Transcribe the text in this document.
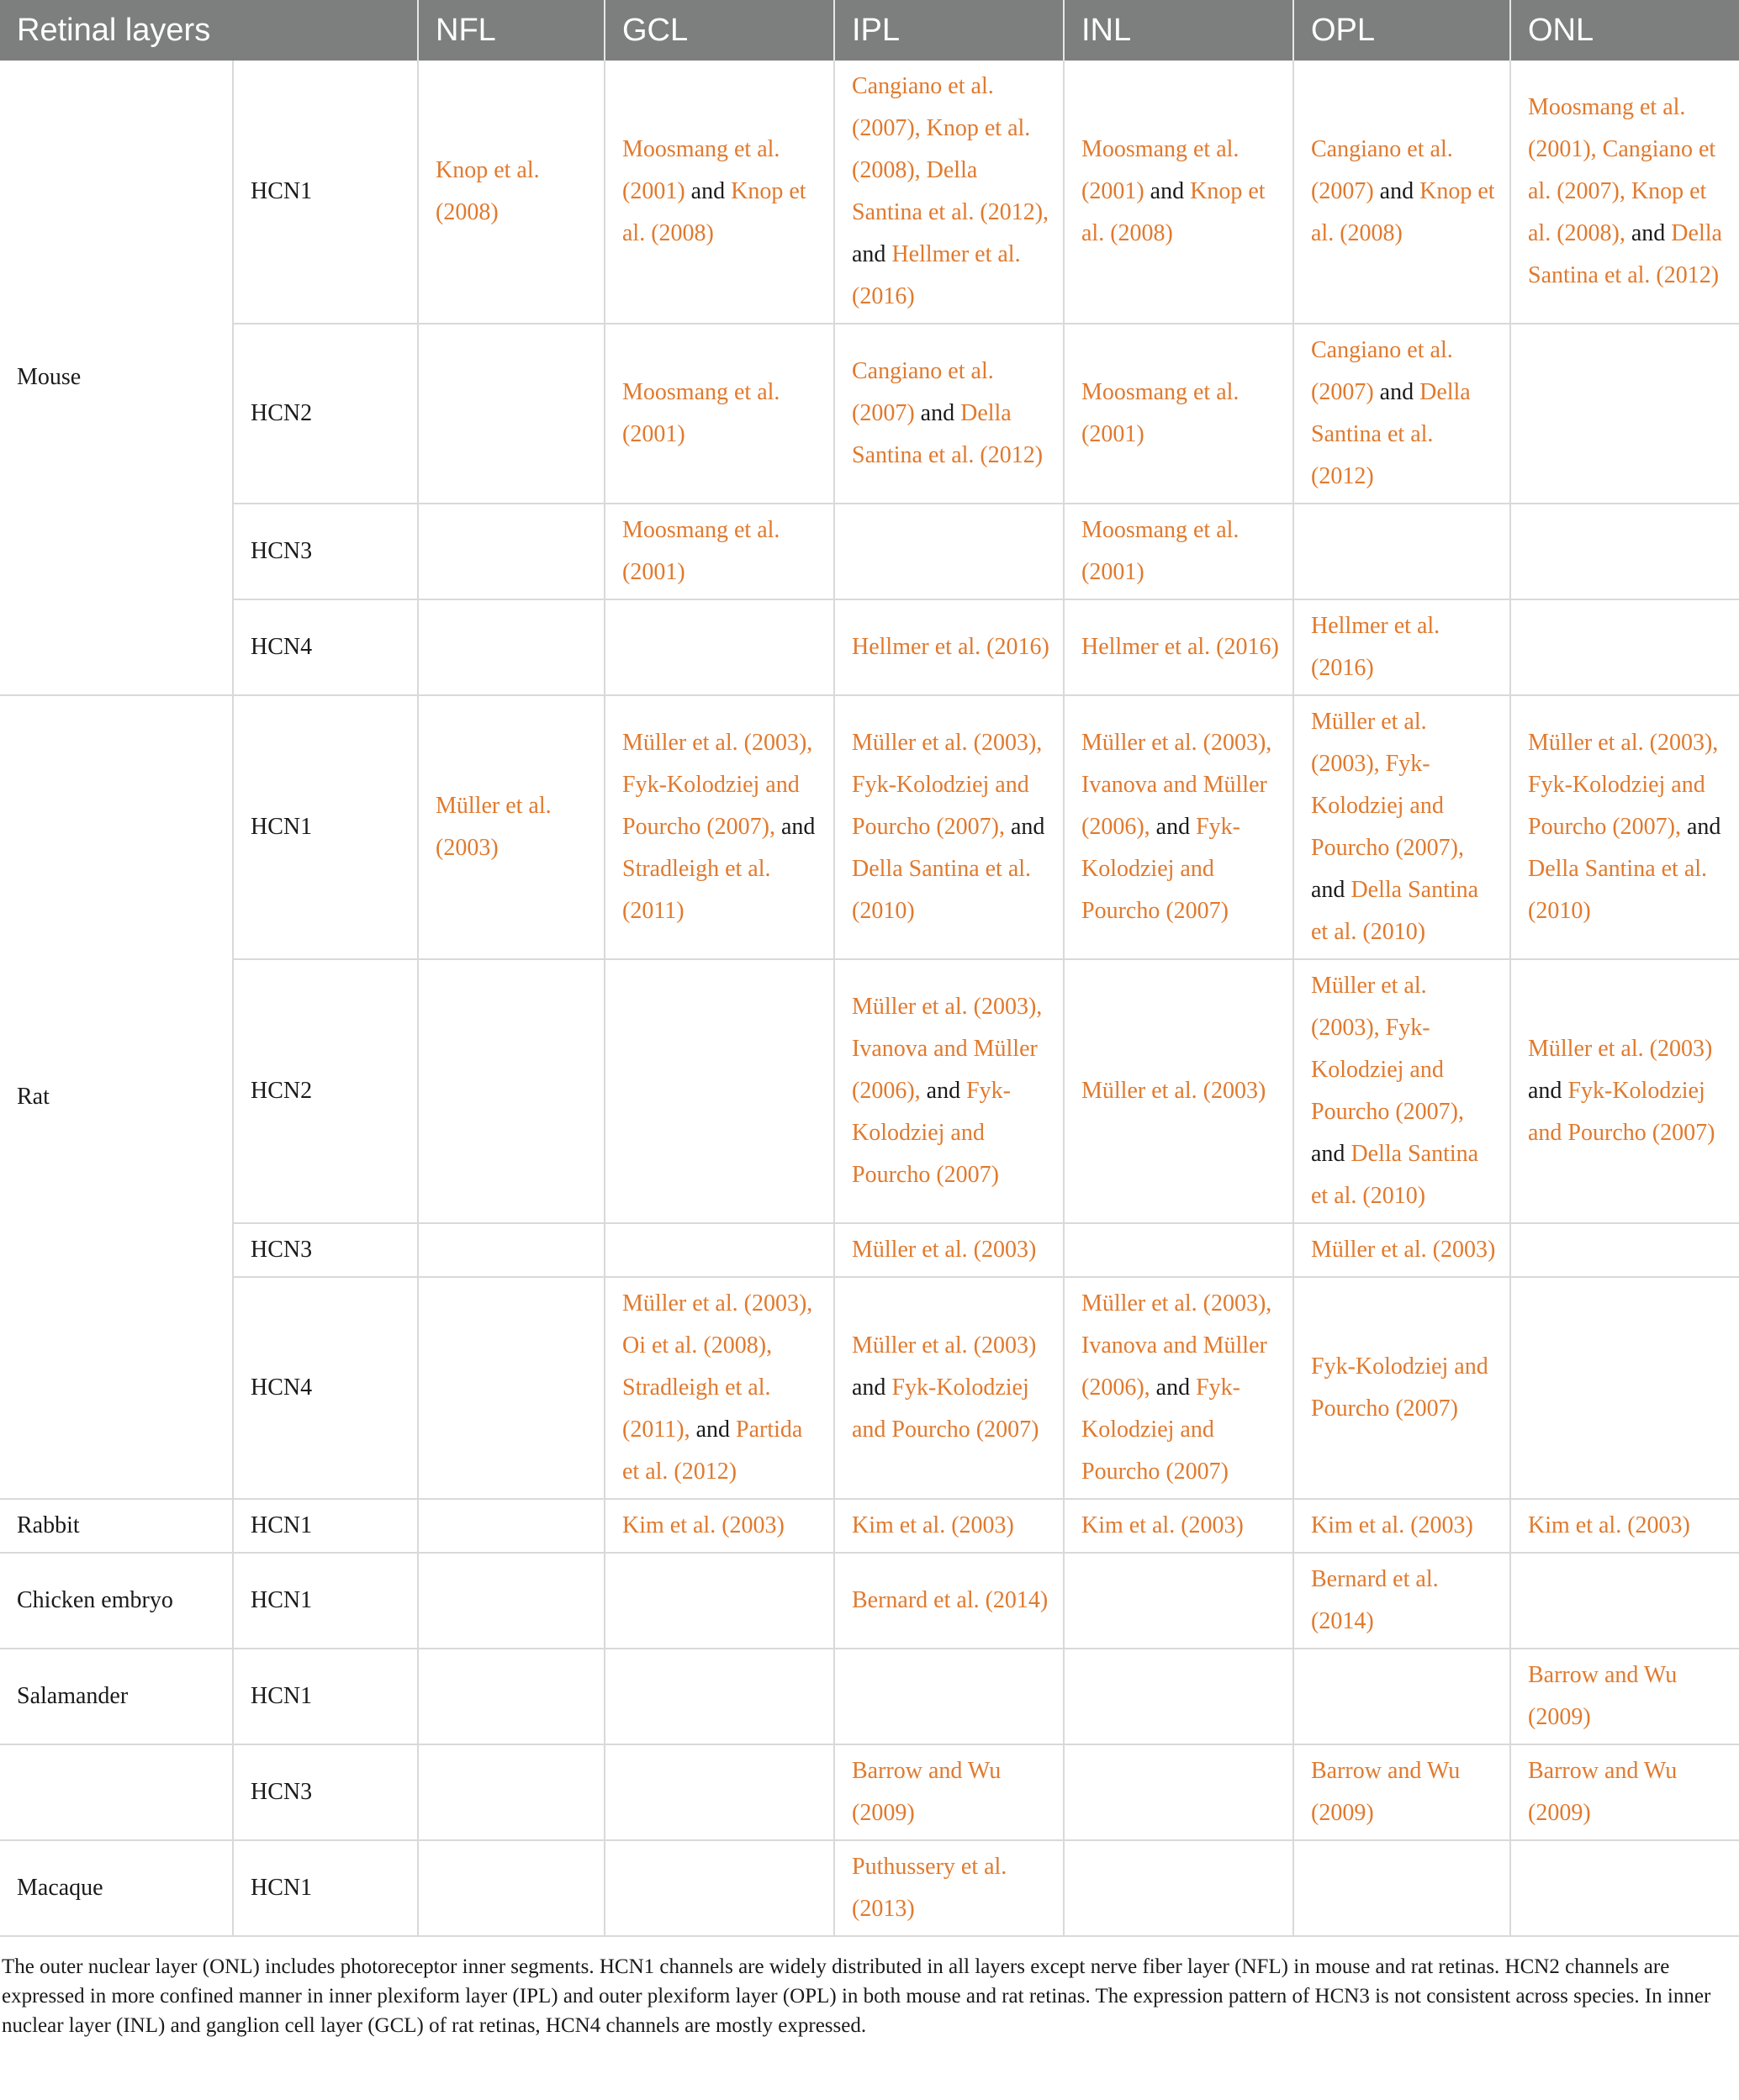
Retinal layers		NFL	GCL	IPL	INL	OPL	ONL
Mouse	HCN1	Knop et al. (2008)	Moosmang et al. (2001) and Knop et al. (2008)	Cangiano et al. (2007), Knop et al. (2008), Della Santina et al. (2012), and Hellmer et al. (2016)	Moosmang et al. (2001) and Knop et al. (2008)	Cangiano et al. (2007) and Knop et al. (2008)	Moosmang et al. (2001), Cangiano et al. (2007), Knop et al. (2008), and Della Santina et al. (2012)
	HCN2		Moosmang et al. (2001)	Cangiano et al. (2007) and Della Santina et al. (2012)	Moosmang et al. (2001)	Cangiano et al. (2007) and Della Santina et al. (2012)	
	HCN3		Moosmang et al. (2001)		Moosmang et al. (2001)		
	HCN4			Hellmer et al. (2016)	Hellmer et al. (2016)	Hellmer et al. (2016)	
Rat	HCN1	Müller et al. (2003)	Müller et al. (2003), Fyk-Kolodziej and Pourcho (2007), and Stradleigh et al. (2011)	Müller et al. (2003), Fyk-Kolodziej and Pourcho (2007), and Della Santina et al. (2010)	Müller et al. (2003), Ivanova and Müller (2006), and Fyk-Kolodziej and Pourcho (2007)	Müller et al. (2003), Fyk-Kolodziej and Pourcho (2007), and Della Santina et al. (2010)	Müller et al. (2003), Fyk-Kolodziej and Pourcho (2007), and Della Santina et al. (2010)
	HCN2			Müller et al. (2003), Ivanova and Müller (2006), and Fyk-Kolodziej and Pourcho (2007)	Müller et al. (2003)	Müller et al. (2003), Fyk-Kolodziej and Pourcho (2007), and Della Santina et al. (2010)	Müller et al. (2003) and Fyk-Kolodziej and Pourcho (2007)
	HCN3			Müller et al. (2003)		Müller et al. (2003)	
	HCN4		Müller et al. (2003), Oi et al. (2008), Stradleigh et al. (2011), and Partida et al. (2012)	Müller et al. (2003) and Fyk-Kolodziej and Pourcho (2007)	Müller et al. (2003), Ivanova and Müller (2006), and Fyk-Kolodziej and Pourcho (2007)	Fyk-Kolodziej and Pourcho (2007)	
Rabbit	HCN1		Kim et al. (2003)	Kim et al. (2003)	Kim et al. (2003)	Kim et al. (2003)	Kim et al. (2003)
Chicken embryo	HCN1			Bernard et al. (2014)		Bernard et al. (2014)	
Salamander	HCN1						Barrow and Wu (2009)
	HCN3			Barrow and Wu (2009)		Barrow and Wu (2009)	Barrow and Wu (2009)
Macaque	HCN1			Puthussery et al. (2013)			
The outer nuclear layer (ONL) includes photoreceptor inner segments. HCN1 channels are widely distributed in all layers except nerve fiber layer (NFL) in mouse and rat retinas. HCN2 channels are expressed in more confined manner in inner plexiform layer (IPL) and outer plexiform layer (OPL) in both mouse and rat retinas. The expression pattern of HCN3 is not consistent across species. In inner nuclear layer (INL) and ganglion cell layer (GCL) of rat retinas, HCN4 channels are mostly expressed.
